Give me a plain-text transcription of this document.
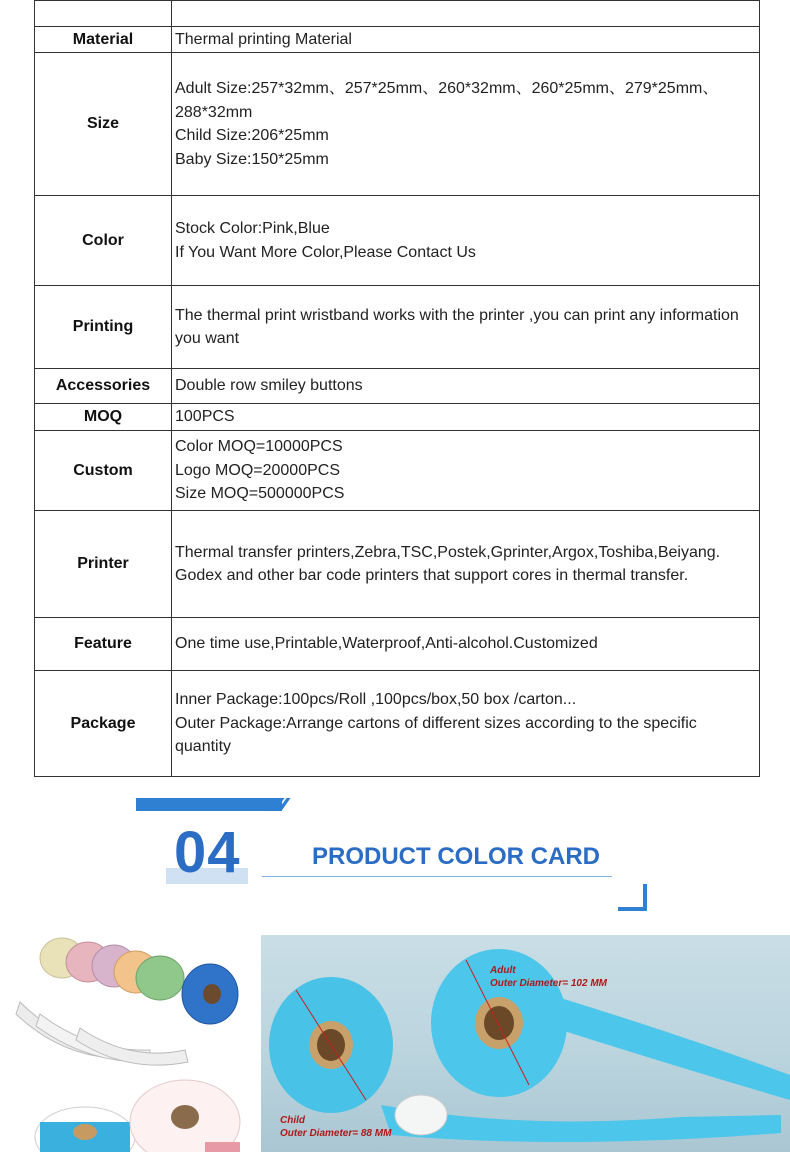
Material	Thermal printing Material

Size	Adult Size:257*32mm、257*25mm、260*32mm、260*25mm、279*25mm、288*32mm
Child Size:206*25mm
Baby Size:150*25mm

Color	Stock Color:Pink,Blue
If You Want More Color,Please Contact Us

Printing	The thermal print wristband works with the printer ,you can print any information you want

Accessories	Double row smiley buttons

MOQ	100PCS

Custom	Color MOQ=10000PCS
Logo MOQ=20000PCS
Size MOQ=500000PCS

Printer	Thermal transfer printers,Zebra,TSC,Postek,Gprinter,Argox,Toshiba,Beiyang.
Godex and other bar code printers that support cores in thermal transfer.

Feature	One time use,Printable,Waterproof,Anti-alcohol.Customized

Package	Inner Package:100pcs/Roll ,100pcs/box,50 box /carton...
Outer Package:Arrange cartons of different sizes according to the specific quantity
04	PRODUCT COLOR CARD
Adult
Outer Diameter= 102 MM
Child
Outer Diameter= 88 MM
